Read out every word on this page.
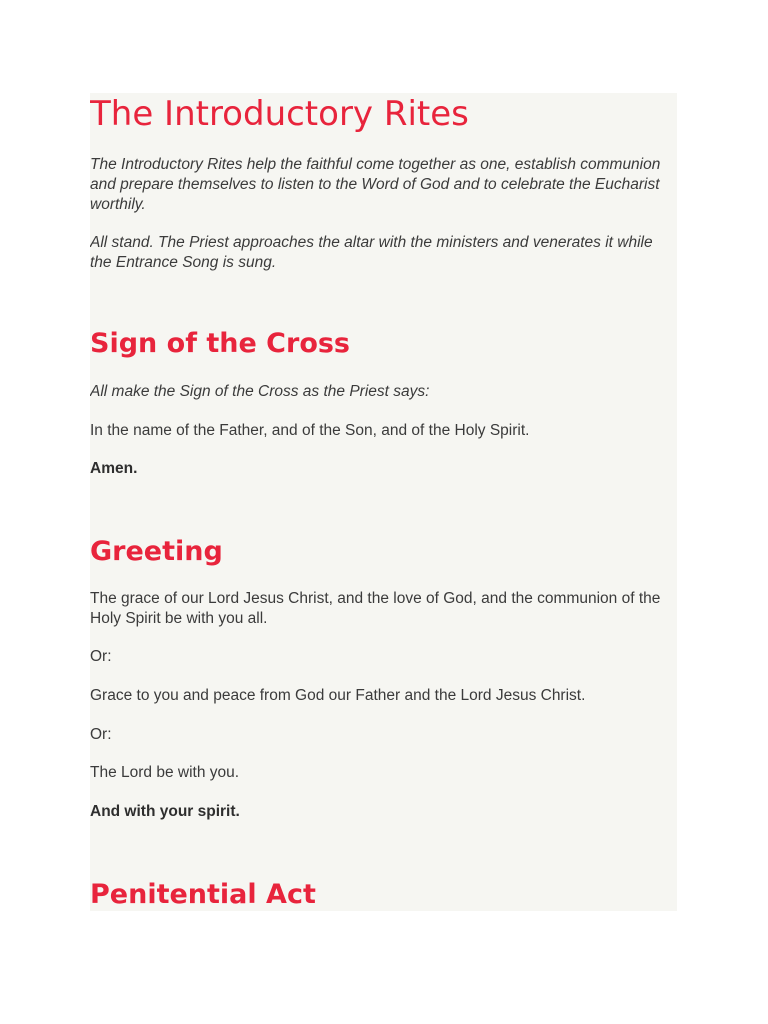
The Introductory Rites

The Introductory Rites help the faithful come together as one, establish communion and prepare themselves to listen to the Word of God and to celebrate the Eucharist worthily.

All stand. The Priest approaches the altar with the ministers and venerates it while the Entrance Song is sung.

Sign of the Cross

All make the Sign of the Cross as the Priest says:

In the name of the Father, and of the Son, and of the Holy Spirit.

Amen.

Greeting

The grace of our Lord Jesus Christ, and the love of God, and the communion of the Holy Spirit be with you all.

Or:

Grace to you and peace from God our Father and the Lord Jesus Christ.

Or:

The Lord be with you.

And with your spirit.

Penitential Act
